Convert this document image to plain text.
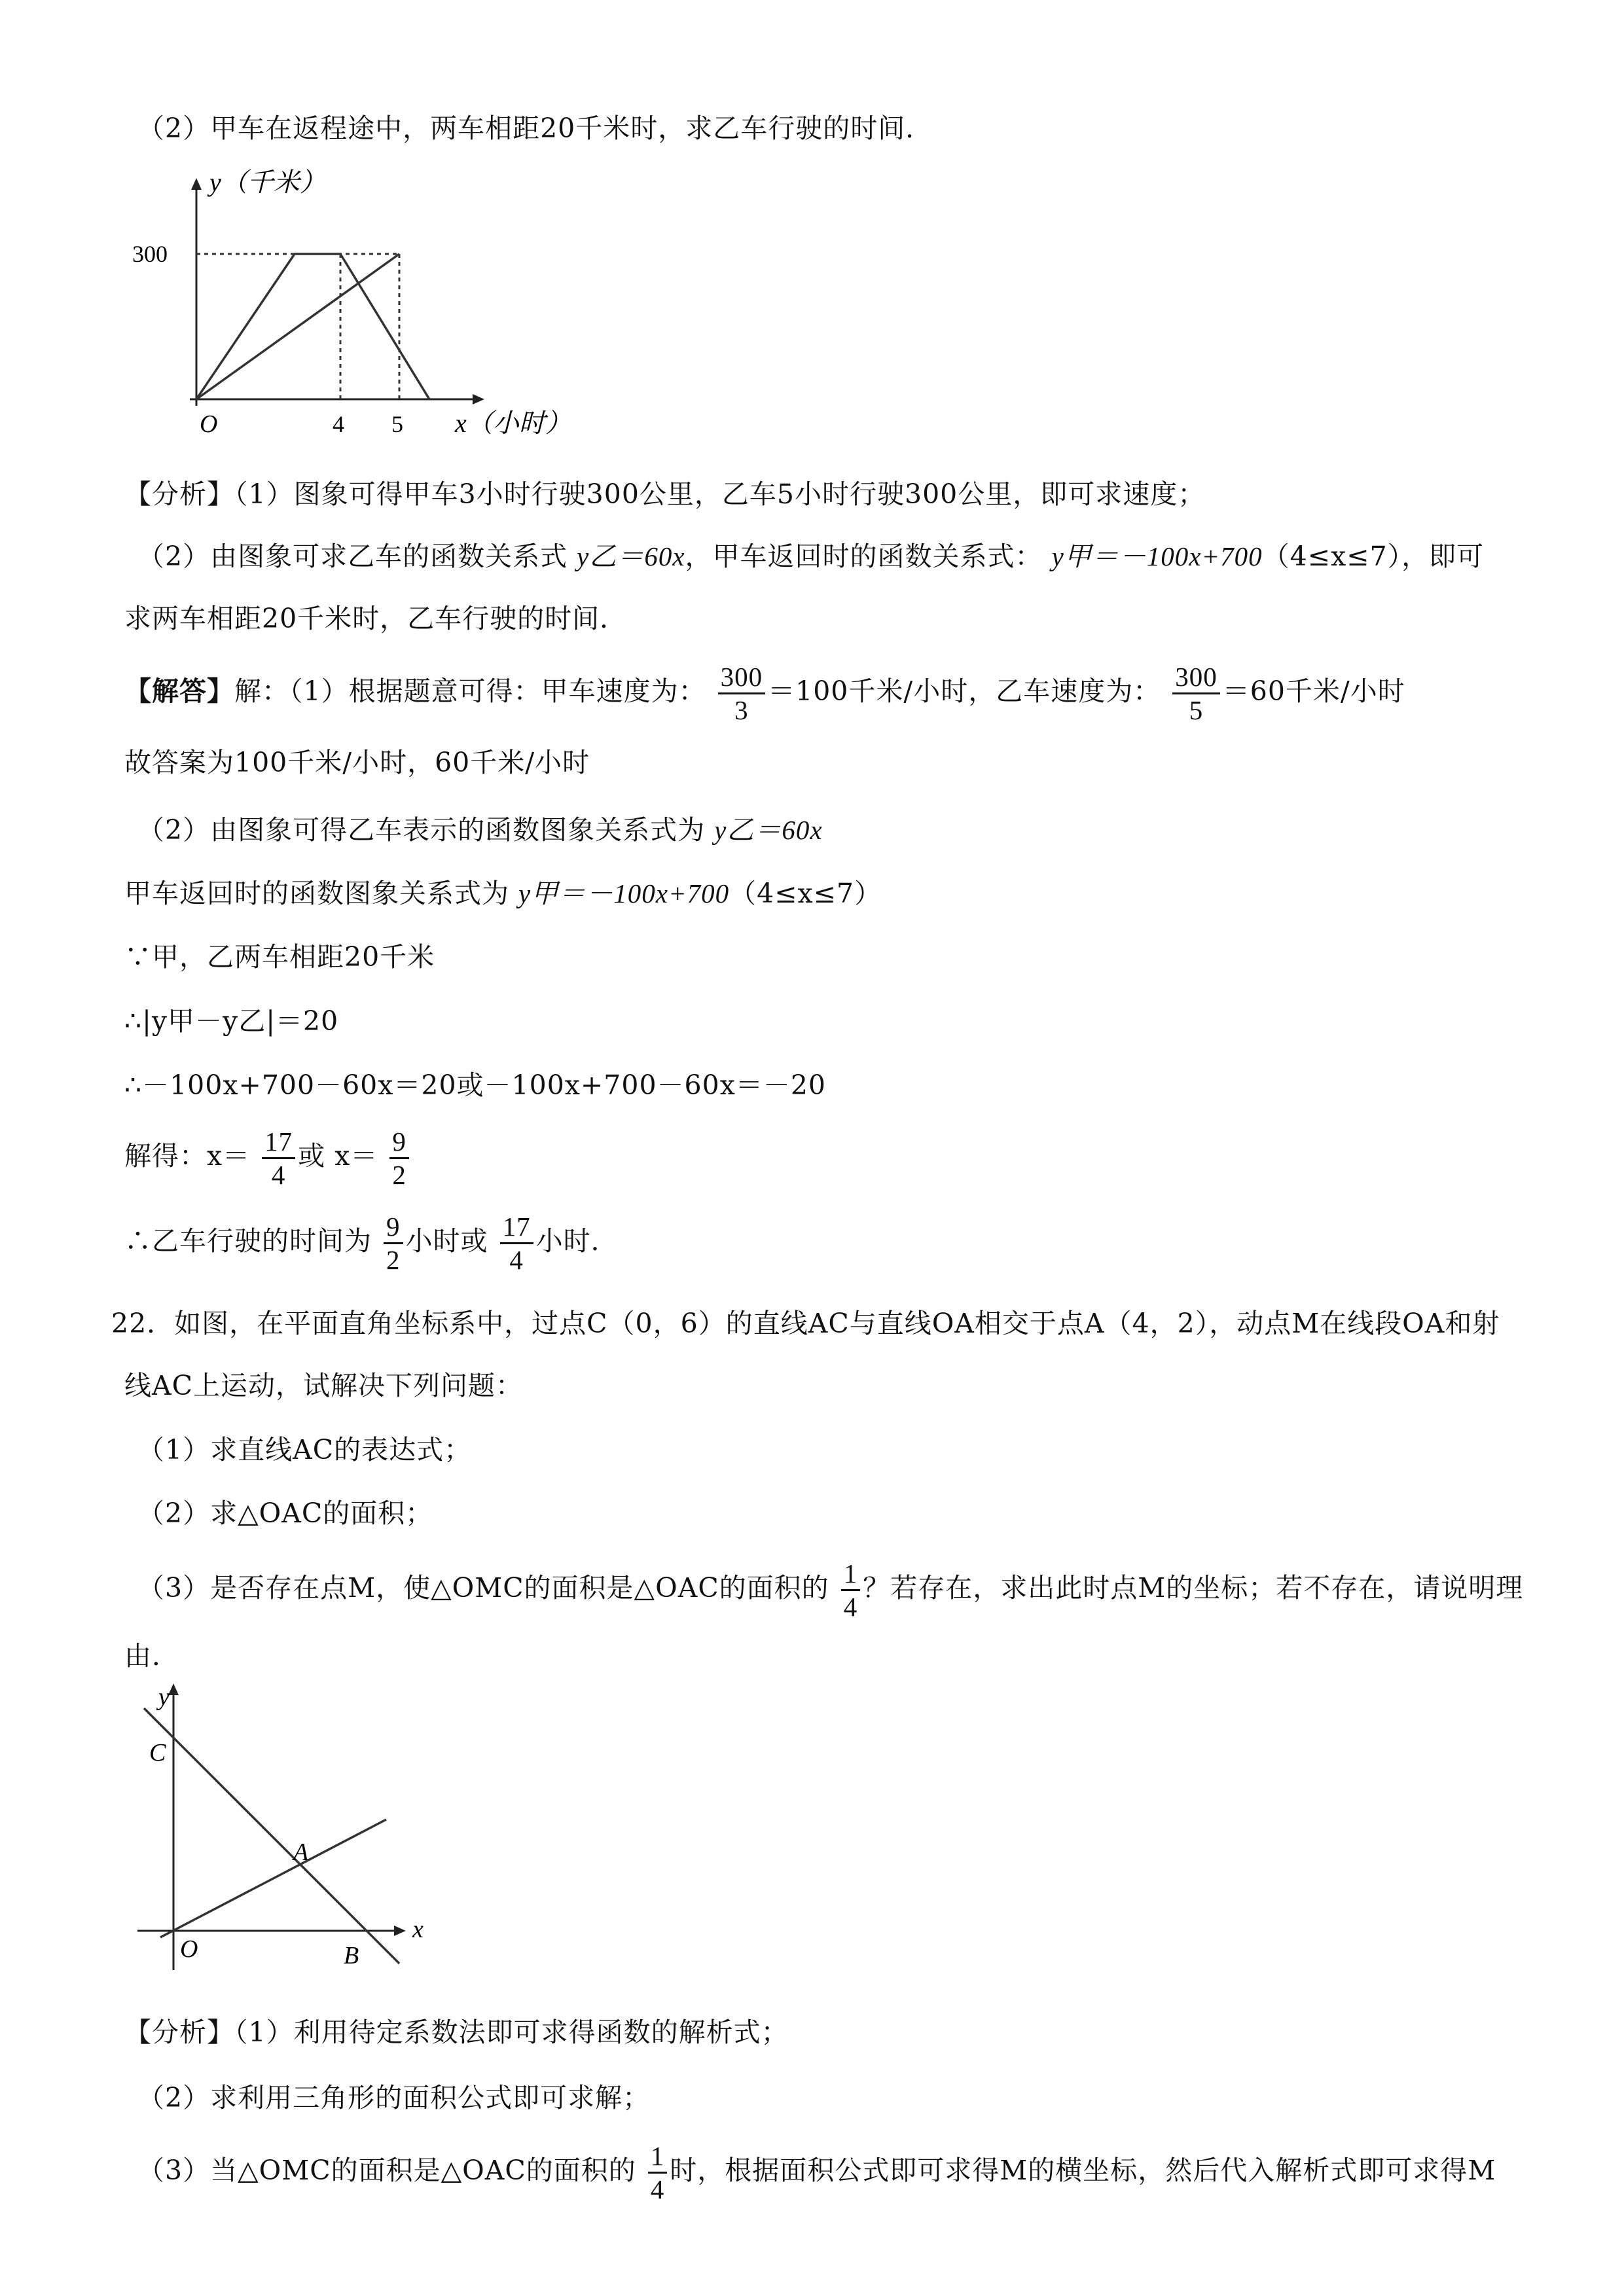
（2）甲车在返程途中，两车相距20千米时，求乙车行驶的时间．
y（千米）
300
O	4 5 x（小时）
【分析】（1）图象可得甲车3小时行驶300公里，乙车5小时行驶300公里，即可求速度；
（2）由图象可求乙车的函数关系式 y乙＝60x，甲车返回时的函数关系式： y甲＝－100x+700（4≤x≤7），即可
求两车相距20千米时，乙车行驶的时间．
【解答】解：（1）根据题意可得：甲车速度为： $\frac{300}{3} =100$千米/小时，乙车速度为： $\frac{300}{5} =60$千米/小时
故答案为100千米/小时，60千米/小时
（2）由图象可得乙车表示的函数图象关系式为 y乙＝60x
甲车返回时的函数图象关系式为 y甲＝－100x+700（4≤x≤7）
∵甲，乙两车相距20千米
∴|y甲－y乙|＝20
∴－100x+700－60x＝20或－100x+700－60x＝－20
解得：$x= \frac{17}{4}$ 或 $x= \frac{9}{2}$
∴乙车行驶的时间为 $\frac{9}{2}$ 小时或 $\frac{17}{4}$ 小时．
22．如图，在平面直角坐标系中，过点C（0，6）的直线AC与直线OA相交于点A（4，2），动点M在线段OA和射
线AC上运动，试解决下列问题：
（1）求直线AC的表达式；
（2）求△OAC的面积；
（3）是否存在点M，使△OMC的面积是△OAC的面积的 $\frac{1}{4}$ ？若存在，求出此时点M的坐标；若不存在，请说明理
由．
y
C
A
O	B
x
【分析】（1）利用待定系数法即可求得函数的解析式；
（2）求利用三角形的面积公式即可求解；
（3）当△OMC的面积是△OAC的面积的 $\frac{1}{4}$ 时，根据面积公式即可求得M的横坐标，然后代入解析式即可求得M
